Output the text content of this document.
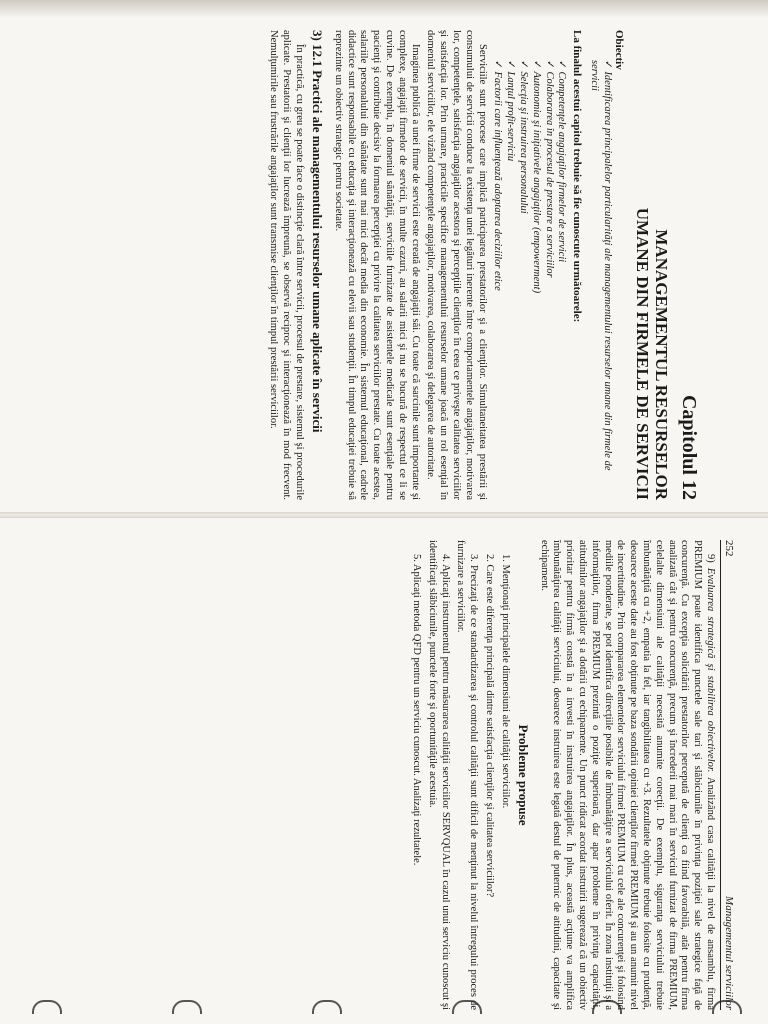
252
Managementul serviciilor

9) Evaluarea strategică şi stabilirea obiectivelor. Analizând casa calităţii la nivel de ansamblu, firma PREMIUM poate identifica punctele sale tari şi slăbiciunile în privinţa poziţiei sale strategice faţă de concurenţă. Cu excepţia solicitării prestatorilor percepută de clienţi ca fiind favorabilă, atât pentru firma analizată cât şi pentru concurenţă, precum şi încrederii mai mari în serviciul furnizat de firma PREMIUM, celelalte dimensiuni ale calităţii necesită anumite corecţii. De exemplu, siguranţa serviciului trebuie îmbunătăţită cu +2, empatia la fel, iar tangibilitatea cu +3. Rezultatele obţinute trebuie folosite cu prudenţă, deoarece aceste date au fost obţinute pe baza sondării opiniei clienţilor firmei PREMIUM şi au un anumit nivel de incertitudine. Prin compararea elementelor serviciului firmei PREMIUM cu cele ale concurenţei şi folosind mediile ponderate, se pot identifica direcţiile posibile de îmbunătăţire a serviciului oferit. În zona instituţii şi a informaţiilor, firma PREMIUM prezintă o poziţie superioară, dar apar probleme în privinţa capacităţii, atitudinilor angajaţilor şi a dotării cu echipamente. Un punct ridicat acordat instruirii sugerează că un obiectiv prioritar pentru firmă constă în a investi în instruirea angajaţilor. În plus, această acţiune va amplifica îmbunătăţirea calităţii serviciului, deoarece instruirea este legată destul de puternic de atitudini, capacitate şi echipament.

Probleme propuse

1. Menţionaţi principalele dimensiuni ale calităţii serviciilor.

2. Care este diferenţa principală dintre satisfacţia clienţilor şi calitatea serviciilor?

3. Precizaţi de ce standardizarea şi controlul calităţii sunt dificil de menţinut la nivelul întregului proces de furnizare a serviciilor.

4. Aplicaţi instrumentul pentru măsurarea calităţii serviciilor SERVQUAL în cazul unui serviciu cunoscut şi identificaţi slăbiciunile, punctele forte şi oportunităţile acestuia.

5. Aplicaţi metoda QFD pentru un serviciu cunoscut. Analizaţi rezultatele.

Capitolul 12
MANAGEMENTUL RESURSELOR
UMANE DIN FIRMELE DE SERVICII
Obiectiv
✓ Identificarea principalelor particularităţi ale managementului resurselor umane din firmele de servicii
La finalul acestui capitol trebuie să fie cunoscute următoarele:
✓ Competenţele angajaţilor firmelor de servicii
✓ Colaborarea în procesul de prestare a serviciilor
✓ Autonomia şi iniţiativele angajaţilor (empowerment)
✓ Selecţia şi instruirea personalului
✓ Lanţul profit-serviciu
✓ Factorii care influenţează adoptarea deciziilor etice

Serviciile sunt procese care implică participarea prestatorilor şi a clienţilor. Simultaneitatea prestării şi consumului de servicii conduce la existenţa unei legături inerente între comportamentele angajaţilor, motivarea lor, competenţele, satisfacţia angajaţilor acestora şi percepţiile clienţilor în ceea ce priveşte calitatea serviciilor şi satisfacţia lor. Prin urmare, practicile specifice managementului resurselor umane joacă un rol esenţial în domeniul serviciilor, ele vizând competenţele angajaţilor, motivarea, colaborarea şi delegarea de autoritate.

Imaginea publică a unei firme de servicii este creată de angajaţii săi. Cu toate că sarcinile sunt importante şi complexe, angajaţii firmelor de servicii, în multe cazuri, au salarii mici şi nu se bucură de respectul ce li se cuvine. De exemplu, în domeniul sănătăţii, serviciile furnizate de asistentele medicale sunt esenţiale pentru pacienţi şi contribuie decisiv la formarea percepţiei cu privire la calitatea serviciilor prestate. Cu toate acestea, salariile personalului din sănătate sunt mai mici decât media din economie. În sistemul educaţional, cadrele didactice sunt responsabile cu educaţia şi interacţionează cu elevii sau studenţii. În timpul educaţiei trebuie să reprezinte un obiectiv strategic pentru societate.

3) 12.1 Practici ale managementului resurselor umane aplicate în servicii

În practică, cu greu se poate face o distincţie clară între servicii, procesul de prestare, sistemul şi procedurile aplicate. Prestatorii şi clienţii lor lucrează împreună, se observă reciproc şi interacţionează în mod frecvent. Nemulţumirile sau frustrările angajaţilor sunt transmise clienţilor în timpul prestării serviciilor.
